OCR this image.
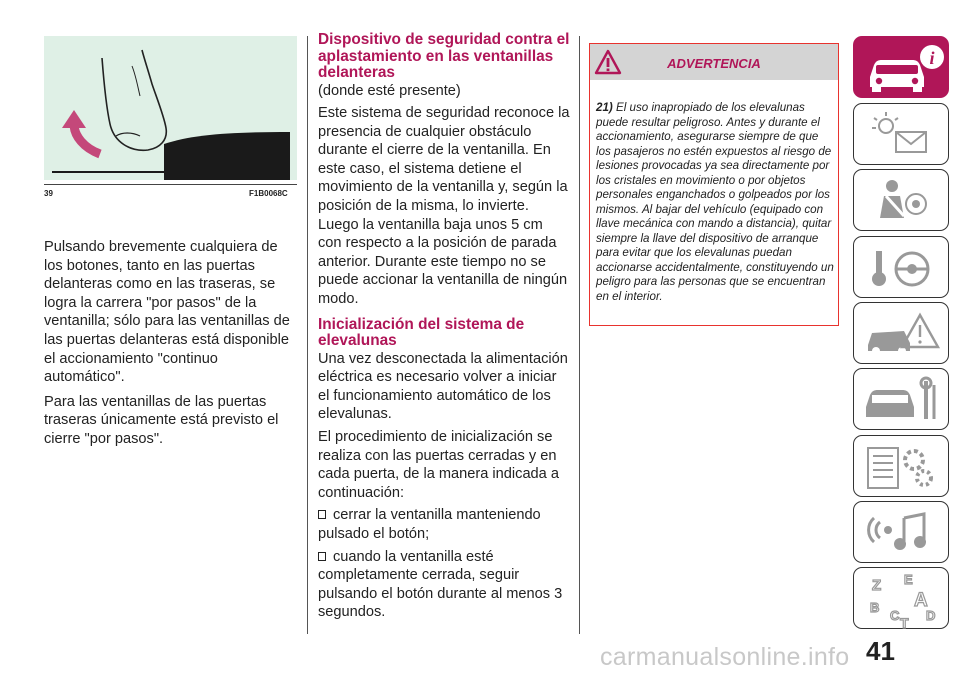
39	F1B0068C

Pulsando brevemente cualquiera de los botones, tanto en las puertas delanteras como en las traseras, se logra la carrera "por pasos" de la ventanilla; sólo para las ventanillas de las puertas delanteras está disponible el accionamiento "continuo automático".

Para las ventanillas de las puertas traseras únicamente está previsto el cierre "por pasos".

Dispositivo de seguridad contra el aplastamiento en las ventanillas delanteras

(donde esté presente)

Este sistema de seguridad reconoce la presencia de cualquier obstáculo durante el cierre de la ventanilla. En este caso, el sistema detiene el movimiento de la ventanilla y, según la posición de la misma, lo invierte. Luego la ventanilla baja unos 5 cm con respecto a la posición de parada anterior. Durante este tiempo no se puede accionar la ventanilla de ningún modo.

Inicialización del sistema de elevalunas

Una vez desconectada la alimentación eléctrica es necesario volver a iniciar el funcionamiento automático de los elevalunas.

El procedimiento de inicialización se realiza con las puertas cerradas y en cada puerta, de la manera indicada a continuación:

cerrar la ventanilla manteniendo pulsado el botón;

cuando la ventanilla esté completamente cerrada, seguir pulsando el botón durante al menos 3 segundos.

ADVERTENCIA
21) El uso inapropiado de los elevalunas puede resultar peligroso. Antes y durante el accionamiento, asegurarse siempre de que los pasajeros no estén expuestos al riesgo de lesiones provocadas ya sea directamente por los cristales en movimiento o por objetos personales enganchados o golpeados por los mismos. Al bajar del vehículo (equipado con llave mecánica con mando a distancia), quitar siempre la llave del dispositivo de arranque para evitar que los elevalunas puedan accionarse accidentalmente, constituyendo un peligro para las personas que se encuentran en el interior.
i
Z E
A
B
C D
T
41
carmanualsonline.info
